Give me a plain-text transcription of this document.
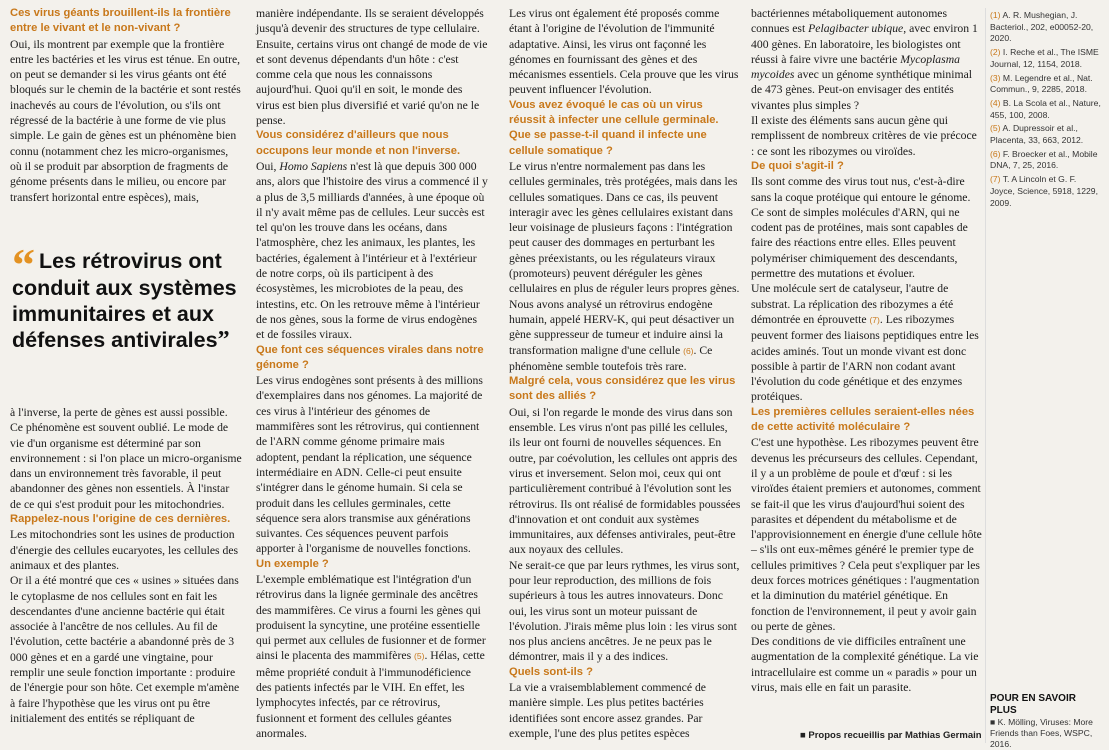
Ces virus géants brouillent-ils la frontière entre le vivant et le non-vivant ?

Oui, ils montrent par exemple que la frontière entre les bactéries et les virus est ténue. En outre, on peut se demander si les virus géants ont été bloqués sur le chemin de la bactérie et sont restés inachevés au cours de l'évolution, ou s'ils ont régressé de la bactérie à une forme de vie plus simple. Le gain de gènes est un phénomène bien connu (notamment chez les micro-organismes, où il se produit par absorption de fragments de génome présents dans le milieu, ou encore par transfert horizontal entre espèces), mais,

“ Les rétrovirus ont conduit aux systèmes immunitaires et aux défenses antivirales”

à l'inverse, la perte de gènes est aussi possible. Ce phénomène est souvent oublié. Le mode de vie d'un organisme est déterminé par son environnement : si l'on place un micro-organisme dans un environnement très favorable, il peut abandonner des gènes non essentiels. À l'instar de ce qui s'est produit pour les mitochondries.

Rappelez-nous l'origine de ces dernières.

Les mitochondries sont les usines de production d'énergie des cellules eucaryotes, les cellules des animaux et des plantes.

Or il a été montré que ces « usines » situées dans le cytoplasme de nos cellules sont en fait les descendantes d'une ancienne bactérie qui était associée à l'ancêtre de nos cellules. Au fil de l'évolution, cette bactérie a abandonné près de 3 000 gènes et en a gardé une vingtaine, pour remplir une seule fonction importante : produire de l'énergie pour son hôte. Cet exemple m'amène à faire l'hypothèse que les virus ont pu être initialement des entités se répliquant de

manière indépendante. Ils se seraient développés jusqu'à devenir des structures de type cellulaire. Ensuite, certains virus ont changé de mode de vie et sont devenus dépendants d'un hôte : c'est comme cela que nous les connaissons aujourd'hui. Quoi qu'il en soit, le monde des virus est bien plus diversifié et varié qu'on ne le pense.

Vous considérez d'ailleurs que nous occupons leur monde et non l'inverse.

Oui, Homo Sapiens n'est là que depuis 300 000 ans, alors que l'histoire des virus a commencé il y a plus de 3,5 milliards d'années, à une époque où il n'y avait même pas de cellules. Leur succès est tel qu'on les trouve dans les océans, dans l'atmosphère, chez les animaux, les plantes, les bactéries, également à l'intérieur et à l'extérieur de notre corps, où ils participent à des écosystèmes, les microbiotes de la peau, des intestins, etc. On les retrouve même à l'intérieur de nos gènes, sous la forme de virus endogènes et de fossiles viraux.

Que font ces séquences virales dans notre génome ?

Les virus endogènes sont présents à des millions d'exemplaires dans nos génomes. La majorité de ces virus à l'intérieur des génomes de mammifères sont les rétrovirus, qui contiennent de l'ARN comme génome primaire mais adoptent, pendant la réplication, une séquence intermédiaire en ADN. Celle-ci peut ensuite s'intégrer dans le génome humain. Si cela se produit dans les cellules germinales, cette séquence sera alors transmise aux générations suivantes. Ces séquences peuvent parfois apporter à l'organisme de nouvelles fonctions.

Un exemple ?

L'exemple emblématique est l'intégration d'un rétrovirus dans la lignée germinale des ancêtres des mammifères. Ce virus a fourni les gènes qui produisent la syncytine, une protéine essentielle qui permet aux cellules de fusionner et de former ainsi le placenta des mammifères (5). Hélas, cette même propriété conduit à l'immunodéficience des patients infectés par le VIH. En effet, les lymphocytes infectés, par ce rétrovirus, fusionnent et forment des cellules géantes anormales.

Les virus ont également été proposés comme étant à l'origine de l'évolution de l'immunité adaptative. Ainsi, les virus ont façonné les génomes en fournissant des gènes et des mécanismes essentiels. Cela prouve que les virus peuvent influencer l'évolution.

Vous avez évoqué le cas où un virus réussit à infecter une cellule germinale. Que se passe-t-il quand il infecte une cellule somatique ?

Le virus n'entre normalement pas dans les cellules germinales, très protégées, mais dans les cellules somatiques. Dans ce cas, ils peuvent interagir avec les gènes cellulaires existant dans leur voisinage de plusieurs façons : l'intégration peut causer des dommages en perturbant les gènes préexistants, ou les régulateurs viraux (promoteurs) peuvent déréguler les gènes cellulaires en plus de réguler leurs propres gènes. Nous avons analysé un rétrovirus endogène humain, appelé HERV-K, qui peut désactiver un gène suppresseur de tumeur et induire ainsi la transformation maligne d'une cellule (6). Ce phénomène semble toutefois très rare.

Malgré cela, vous considérez que les virus sont des alliés ?

Oui, si l'on regarde le monde des virus dans son ensemble. Les virus n'ont pas pillé les cellules, ils leur ont fourni de nouvelles séquences. En outre, par coévolution, les cellules ont appris des virus et inversement. Selon moi, ceux qui ont particulièrement contribué à l'évolution sont les rétrovirus. Ils ont réalisé de formidables poussées d'innovation et ont conduit aux systèmes immunitaires, aux défenses antivirales, peut-être aux noyaux des cellules.

Ne serait-ce que par leurs rythmes, les virus sont, pour leur reproduction, des millions de fois supérieurs à tous les autres innovateurs. Donc oui, les virus sont un moteur puissant de l'évolution. J'irais même plus loin : les virus sont nos plus anciens ancêtres. Je ne peux pas le démontrer, mais il y a des indices.

Quels sont-ils ?

La vie a vraisemblablement commencé de manière simple. Les plus petites bactéries identifiées sont encore assez grandes. Par exemple, l'une des plus petites espèces

bactériennes métaboliquement autonomes connues est Pelagibacter ubique, avec environ 1 400 gènes. En laboratoire, les biologistes ont réussi à faire vivre une bactérie Mycoplasma mycoides avec un génome synthétique minimal de 473 gènes. Peut-on envisager des entités vivantes plus simples ?

Il existe des éléments sans aucun gène qui remplissent de nombreux critères de vie précoce : ce sont les ribozymes ou viroïdes.

De quoi s'agit-il ?

Ils sont comme des virus tout nus, c'est-à-dire sans la coque protéique qui entoure le génome. Ce sont de simples molécules d'ARN, qui ne codent pas de protéines, mais sont capables de faire des réactions entre elles. Elles peuvent polymériser chimiquement des descendants, permettre des mutations et évoluer.

Une molécule sert de catalyseur, l'autre de substrat. La réplication des ribozymes a été démontrée en éprouvette (7). Les ribozymes peuvent former des liaisons peptidiques entre les acides aminés. Tout un monde vivant est donc possible à partir de l'ARN non codant avant l'évolution du code génétique et des enzymes protéiques.

Les premières cellules seraient-elles nées de cette activité moléculaire ?

C'est une hypothèse. Les ribozymes peuvent être devenus les précurseurs des cellules. Cependant, il y a un problème de poule et d'œuf : si les viroïdes étaient premiers et autonomes, comment se fait-il que les virus d'aujourd'hui soient des parasites et dépendent du métabolisme et de l'approvisionnement en énergie d'une cellule hôte – s'ils ont eux-mêmes généré le premier type de cellules primitives ? Cela peut s'expliquer par les deux forces motrices génétiques : l'augmentation et la diminution du matériel génétique. En fonction de l'environnement, il peut y avoir gain ou perte de gènes.

Des conditions de vie difficiles entraînent une augmentation de la complexité génétique. La vie intracellulaire est comme un « paradis » pour un virus, mais elle en fait un parasite.

■ Propos recueillis par Mathias Germain
(1) A. R. Mushegian, J. Bacteriol., 202, e00052-20, 2020.
(2) I. Reche et al., The ISME Journal, 12, 1154, 2018.
(3) M. Legendre et al., Nat. Commun., 9, 2285, 2018.
(4) B. La Scola et al., Nature, 455, 100, 2008.
(5) A. Dupressoir et al., Placenta, 33, 663, 2012.
(6) F. Broecker et al., Mobile DNA, 7, 25, 2016.
(7) T. A Lincoln et G. F. Joyce, Science, 5918, 1229, 2009.
POUR EN SAVOIR PLUS
■ K. Mölling, Viruses: More Friends than Foes, WSPC, 2016.
